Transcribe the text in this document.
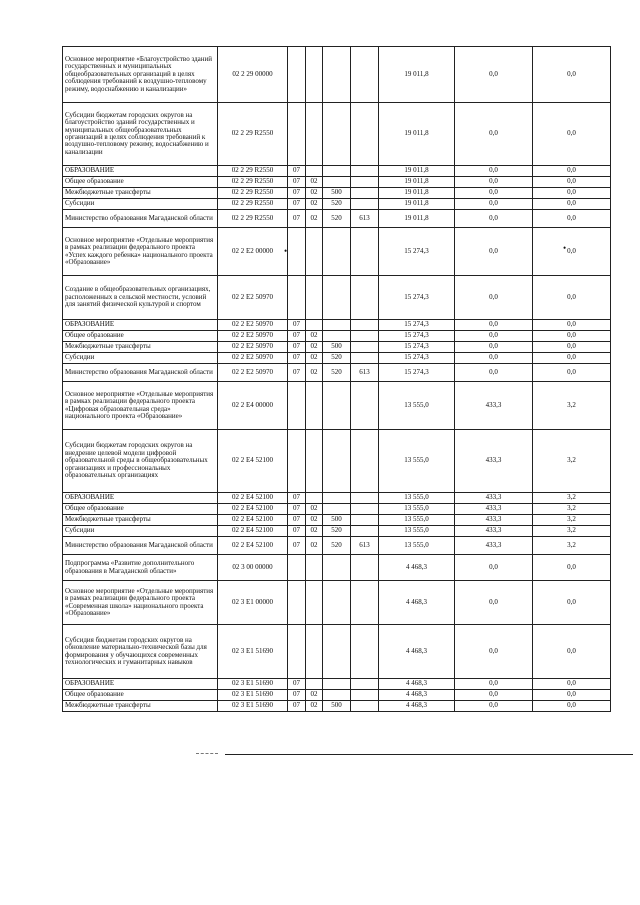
Основное мероприятие «Благоустройство зданий государственных и муниципальных общеобразовательных организаций в целях соблюдения требований к воздушно-тепловому режиму, водоснабжению и канализации»	02 2 29 00000					19 011,8	0,0	0,0
Субсидии бюджетам городских округов на благоустройство зданий государственных и муниципальных общеобразовательных организаций в целях соблюдения требований к воздушно-тепловому режиму, водоснабжению и канализации	02 2 29 R2550					19 011,8	0,0	0,0
ОБРАЗОВАНИЕ	02 2 29 R2550	07				19 011,8	0,0	0,0
Общее образование	02 2 29 R2550	07	02			19 011,8	0,0	0,0
Межбюджетные трансферты	02 2 29 R2550	07	02	500		19 011,8	0,0	0,0
Субсидии	02 2 29 R2550	07	02	520		19 011,8	0,0	0,0
Министерство образования Магаданской области	02 2 29 R2550	07	02	520	613	19 011,8	0,0	0,0
Основное мероприятие «Отдельные мероприятия в рамках реализации федерального проекта «Успех каждого ребенка» национального проекта «Образование»	02 2 Е2 00000					15 274,3	0,0	0,0
Создание в общеобразовательных организациях, расположенных в сельской местности, условий для занятий физической культурой и спортом	02 2 Е2 50970					15 274,3	0,0	0,0
ОБРАЗОВАНИЕ	02 2 Е2 50970	07				15 274,3	0,0	0,0
Общее образование	02 2 Е2 50970	07	02			15 274,3	0,0	0,0
Межбюджетные трансферты	02 2 Е2 50970	07	02	500		15 274,3	0,0	0,0
Субсидии	02 2 Е2 50970	07	02	520		15 274,3	0,0	0,0
Министерство образования Магаданской области	02 2 Е2 50970	07	02	520	613	15 274,3	0,0	0,0
Основное мероприятие «Отдельные мероприятия в рамках реализации федерального проекта «Цифровая образовательная среда» национального проекта «Образование»	02 2 Е4 00000					13 555,0	433,3	3,2
Субсидии бюджетам городских округов на внедрение целевой модели цифровой образовательной среды в общеобразовательных организациях и профессиональных образовательных организациях	02 2 Е4 52100					13 555,0	433,3	3,2
ОБРАЗОВАНИЕ	02 2 Е4 52100	07				13 555,0	433,3	3,2
Общее образование	02 2 Е4 52100	07	02			13 555,0	433,3	3,2
Межбюджетные трансферты	02 2 Е4 52100	07	02	500		13 555,0	433,3	3,2
Субсидии	02 2 Е4 52100	07	02	520		13 555,0	433,3	3,2
Министерство образования Магаданской области	02 2 Е4 52100	07	02	520	613	13 555,0	433,3	3,2
Подпрограмма «Развитие дополнительного образования в Магаданской области»	02 3 00 00000					4 468,3	0,0	0,0
Основное мероприятие «Отдельные мероприятия в рамках реализации федерального проекта «Современная школа» национального проекта «Образование»	02 3 Е1 00000					4 468,3	0,0	0,0
Субсидия бюджетам городских округов на обновление материально-технической базы для формирования у обучающихся современных технологических и гуманитарных навыков	02 3 Е1 51690					4 468,3	0,0	0,0
ОБРАЗОВАНИЕ	02 3 Е1 51690	07				4 468,3	0,0	0,0
Общее образование	02 3 Е1 51690	07	02			4 468,3	0,0	0,0
Межбюджетные трансферты	02 3 Е1 51690	07	02	500		4 468,3	0,0	0,0
•	•
